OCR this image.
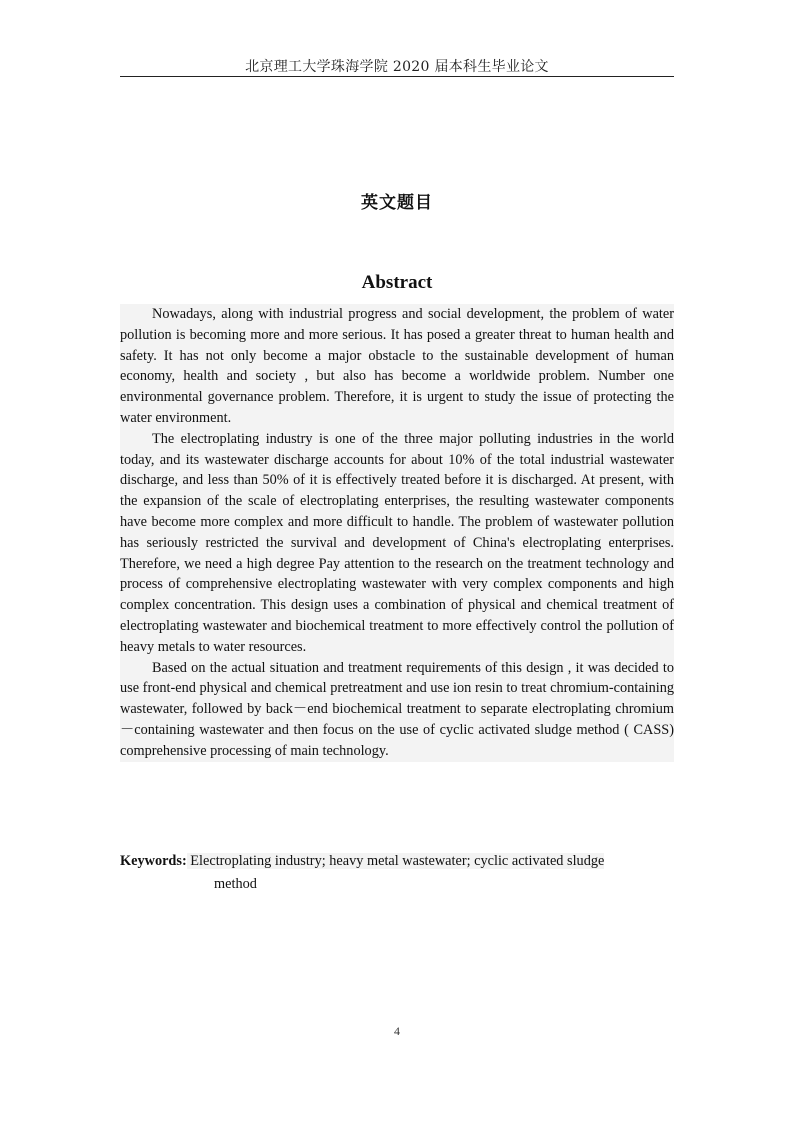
北京理工大学珠海学院 2020 届本科生毕业论文
英文题目
Abstract

Nowadays, along with industrial progress and social development, the problem of water pollution is becoming more and more serious. It has posed a greater threat to human health and safety. It has not only become a major obstacle to the sustainable development of human economy, health and society , but also has become a worldwide problem. Number one environmental governance problem. Therefore, it is urgent to study the issue of protecting the water environment.

The electroplating industry is one of the three major polluting industries in the world today, and its wastewater discharge accounts for about 10% of the total industrial wastewater discharge, and less than 50% of it is effectively treated before it is discharged. At present, with the expansion of the scale of electroplating enterprises, the resulting wastewater components have become more complex and more difficult to handle. The problem of wastewater pollution has seriously restricted the survival and development of China's electroplating enterprises. Therefore, we need a high degree Pay attention to the research on the treatment technology and process of comprehensive electroplating wastewater with very complex components and high complex concentration. This design uses a combination of physical and chemical treatment of electroplating wastewater and biochemical treatment to more effectively control the pollution of heavy metals to water resources.

Based on the actual situation and treatment requirements of this design , it was decided to use front-end physical and chemical pretreatment and use ion resin to treat chromium-containing wastewater, followed by back－end biochemical treatment to separate electroplating chromium－containing wastewater and then focus on the use of cyclic activated sludge method ( CASS) comprehensive processing of main technology.

Keywords: Electroplating industry; heavy metal wastewater; cyclic activated sludge
method
4
